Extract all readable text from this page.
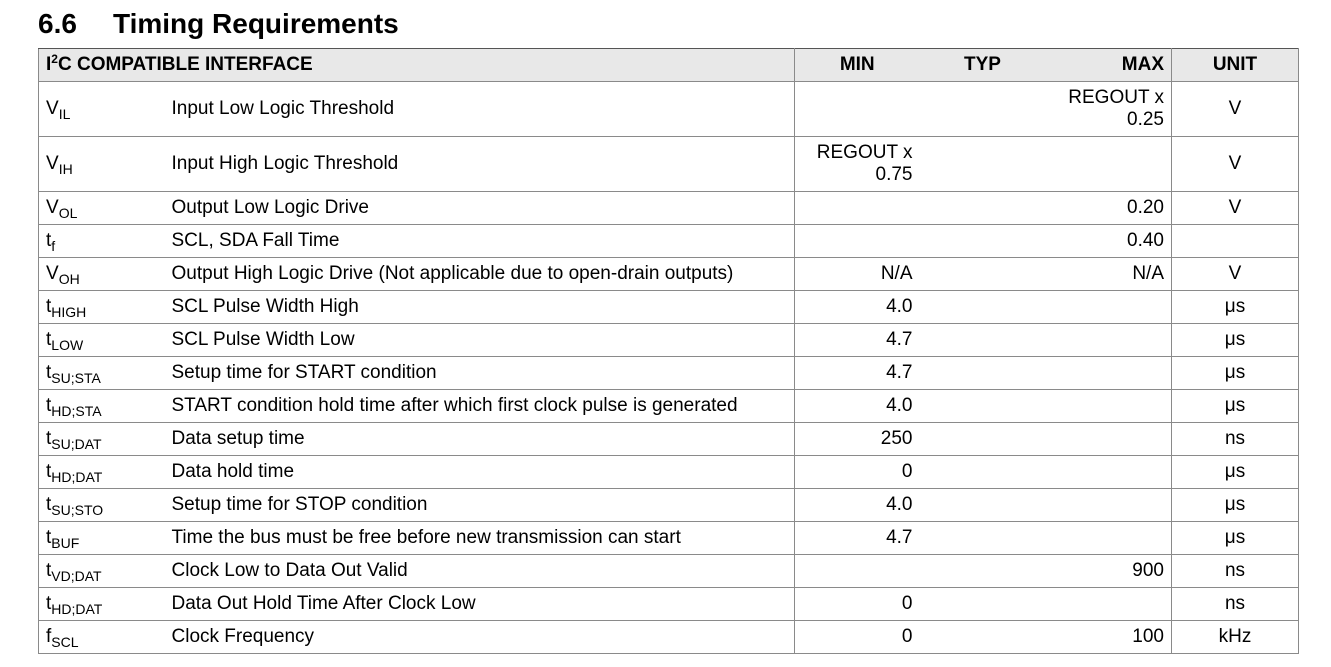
6.6 Timing Requirements
$I^2C$ COMPATIBLE INTERFACE		MIN	TYP	MAX	UNIT
$V_{IL}$	Input Low Logic Threshold			REGOUT x
0.25	V
$V_{IH}$	Input High Logic Threshold	REGOUT x
0.75			V
$V_{OL}$	Output Low Logic Drive			0.20	V
$t_f$	SCL, SDA Fall Time			0.40	
$V_{OH}$	Output High Logic Drive (Not applicable due to open-drain outputs)	N/A		N/A	V
$t_{HIGH}$	SCL Pulse Width High	4.0			μs
$t_{LOW}$	SCL Pulse Width Low	4.7			μs
$t_{SU;STA}$	Setup time for START condition	4.7			μs
$t_{HD;STA}$	START condition hold time after which first clock pulse is generated	4.0			μs
$t_{SU;DAT}$	Data setup time	250			ns
$t_{HD;DAT}$	Data hold time	0			μs
$t_{SU;STO}$	Setup time for STOP condition	4.0			μs
$t_{BUF}$	Time the bus must be free before new transmission can start	4.7			μs
$t_{VD;DAT}$	Clock Low to Data Out Valid			900	ns
$t_{HD;DAT}$	Data Out Hold Time After Clock Low	0			ns
$f_{SCL}$	Clock Frequency	0		100	kHz
